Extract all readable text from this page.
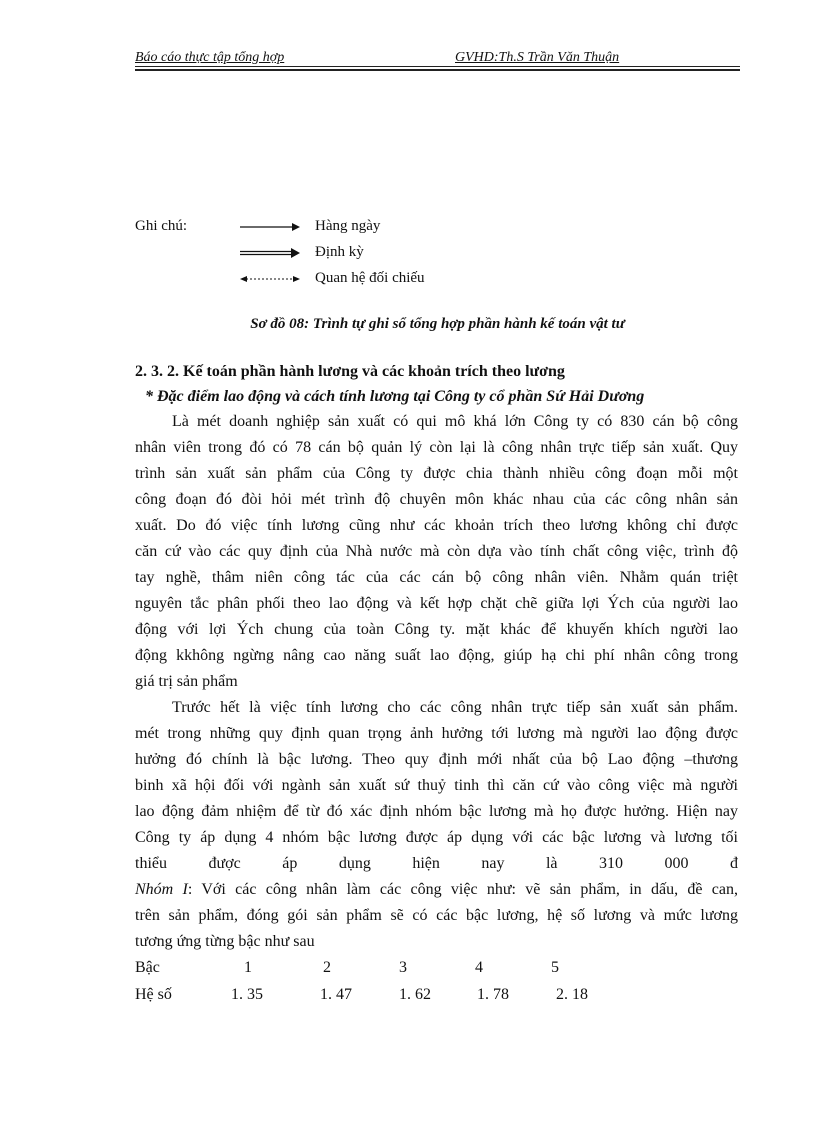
Báo cáo thực tập tổng hợp	GVHD:Th.S Trần Văn Thuận
Ghi chú:	Hàng ngày
Định kỳ
Quan hệ đối chiếu
Sơ đồ 08: Trình tự ghi sổ tổng hợp phần hành kế toán vật tư
2. 3. 2. Kế toán phần hành lương và các khoản trích theo lương
* Đặc điểm lao động và cách tính lương tại Công ty cổ phần Sứ Hải Dương
Là mét doanh nghiệp sản xuất có qui mô khá lớn Công ty có 830 cán bộ công
nhân viên trong đó có 78 cán bộ quản lý còn lại là công nhân trực tiếp sản xuất. Quy
trình sản xuất sản phẩm của Công ty được chia thành nhiều công đoạn mỗi một
công đoạn đó đòi hỏi mét trình độ chuyên môn khác nhau của các công nhân sản
xuất. Do đó việc tính lương cũng như các khoản trích theo lương không chỉ được
căn cứ vào các quy định của Nhà nước mà còn dựa vào tính chất công việc, trình độ
tay nghề, thâm niên công tác của các cán bộ công nhân viên. Nhằm quán triệt
nguyên tắc phân phối theo lao động và kết hợp chặt chẽ giữa lợi Ých của người lao
động với lợi Ých chung của toàn Công ty. mặt khác để khuyến khích người lao
động kkhông ngừng nâng cao năng suất lao động, giúp hạ chi phí nhân công trong
giá trị sản phẩm
Trước hết là việc tính lương cho các công nhân trực tiếp sản xuất sản phẩm.
mét trong những quy định quan trọng ảnh hưởng tới lương mà người lao động được
hưởng đó chính là bậc lương. Theo quy định mới nhất của bộ Lao động –thương
binh xã hội đối với ngành sản xuất sứ thuỷ tinh thì căn cứ vào công việc mà người
lao động đảm nhiệm để từ đó xác định nhóm bậc lương mà họ được hưởng. Hiện nay
Công ty áp dụng 4 nhóm bậc lương được áp dụng với các bậc lương và lương tối
thiểu được áp dụng hiện nay là 310 000 đ
Nhóm I: Với các công nhân làm các công việc như: vẽ sản phẩm, in dấu, đề can,
trên sản phẩm, đóng gói sản phẩm sẽ có các bậc lương, hệ số lương và mức lương
tương ứng từng bậc như sau
Bậc	1	2	3	4	5
Hệ số	1. 35	1. 47	1. 62	1. 78	2. 18
